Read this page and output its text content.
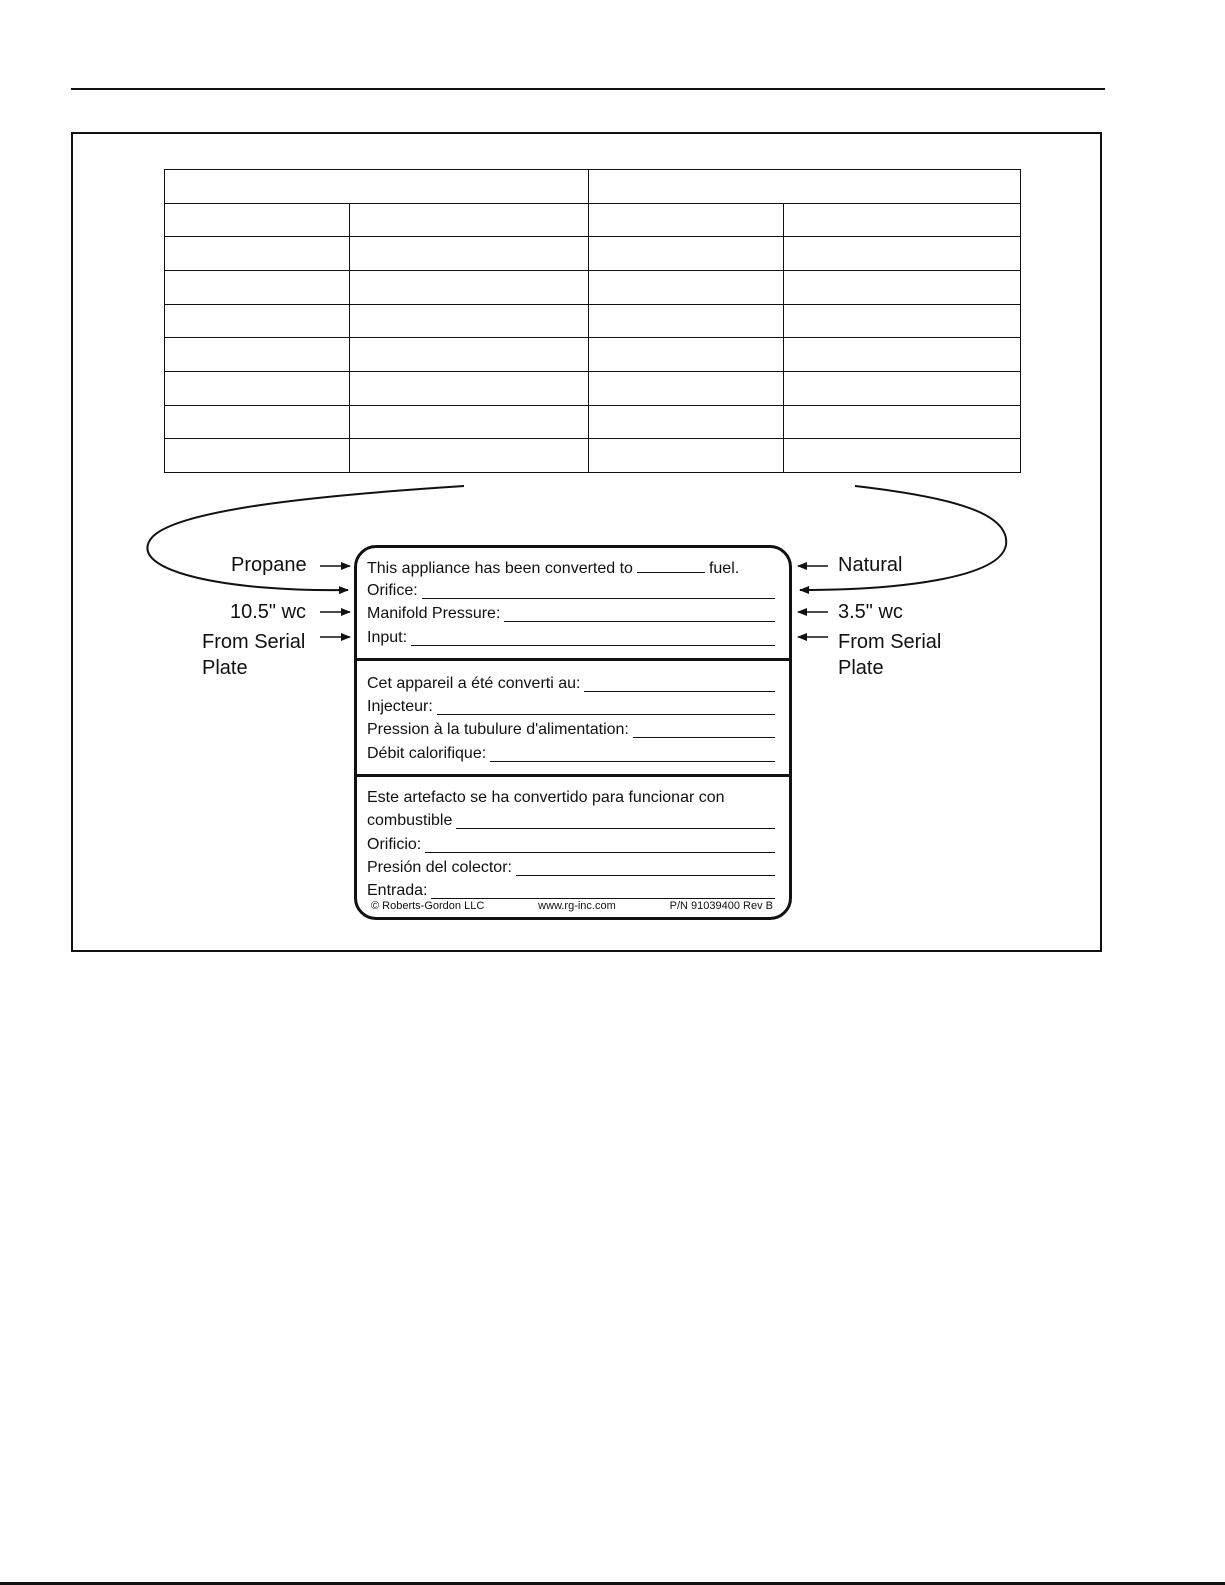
Propane
10.5" wc
From Serial
Plate
Natural
3.5" wc
From Serial
Plate
This appliance has been converted to	fuel.
Orifice:
Manifold Pressure:
Input:
Cet appareil a été converti au:
Injecteur:
Pression à la tubulure d'alimentation:
Débit calorifique:
Este artefacto se ha convertido para funcionar con
combustible
Orificio:
Presión del colector:
Entrada:
© Roberts-Gordon LLC	www.rg-inc.com	P/N 91039400 Rev B
